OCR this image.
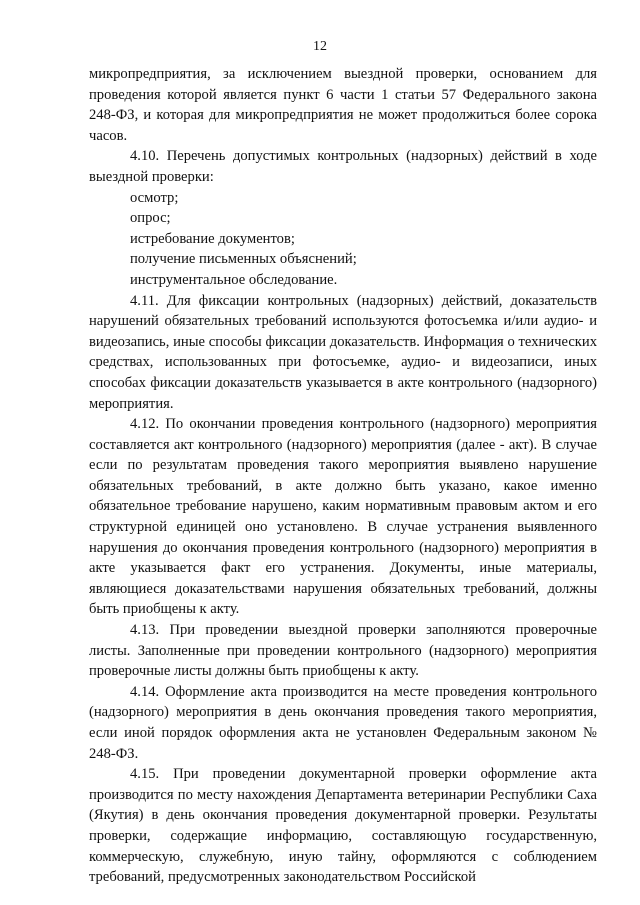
12

микропредприятия, за исключением выездной проверки, основанием для проведения которой является пункт 6 части 1 статьи 57 Федерального закона 248-ФЗ, и которая для микропредприятия не может продолжиться более сорока часов.

4.10. Перечень допустимых контрольных (надзорных) действий в ходе выездной проверки:

осмотр;

опрос;

истребование документов;

получение письменных объяснений;

инструментальное обследование.

4.11. Для фиксации контрольных (надзорных) действий, доказательств нарушений обязательных требований используются фотосъемка и/или аудио- и видеозапись, иные способы фиксации доказательств. Информация о технических средствах, использованных при фотосъемке, аудио- и видеозаписи, иных способах фиксации доказательств указывается в акте контрольного (надзорного) мероприятия.

4.12. По окончании проведения контрольного (надзорного) мероприятия составляется акт контрольного (надзорного) мероприятия (далее - акт). В случае если по результатам проведения такого мероприятия выявлено нарушение обязательных требований, в акте должно быть указано, какое именно обязательное требование нарушено, каким нормативным правовым актом и его структурной единицей оно установлено. В случае устранения выявленного нарушения до окончания проведения контрольного (надзорного) мероприятия в акте указывается факт его устранения. Документы, иные материалы, являющиеся доказательствами нарушения обязательных требований, должны быть приобщены к акту.

4.13. При проведении выездной проверки заполняются проверочные листы. Заполненные при проведении контрольного (надзорного) мероприятия проверочные листы должны быть приобщены к акту.

4.14. Оформление акта производится на месте проведения контрольного (надзорного) мероприятия в день окончания проведения такого мероприятия, если иной порядок оформления акта не установлен Федеральным законом № 248-ФЗ.

4.15. При проведении документарной проверки оформление акта производится по месту нахождения Департамента ветеринарии Республики Саха (Якутия) в день окончания проведения документарной проверки. Результаты проверки, содержащие информацию, составляющую государственную, коммерческую, служебную, иную тайну, оформляются с соблюдением требований, предусмотренных законодательством Российской
